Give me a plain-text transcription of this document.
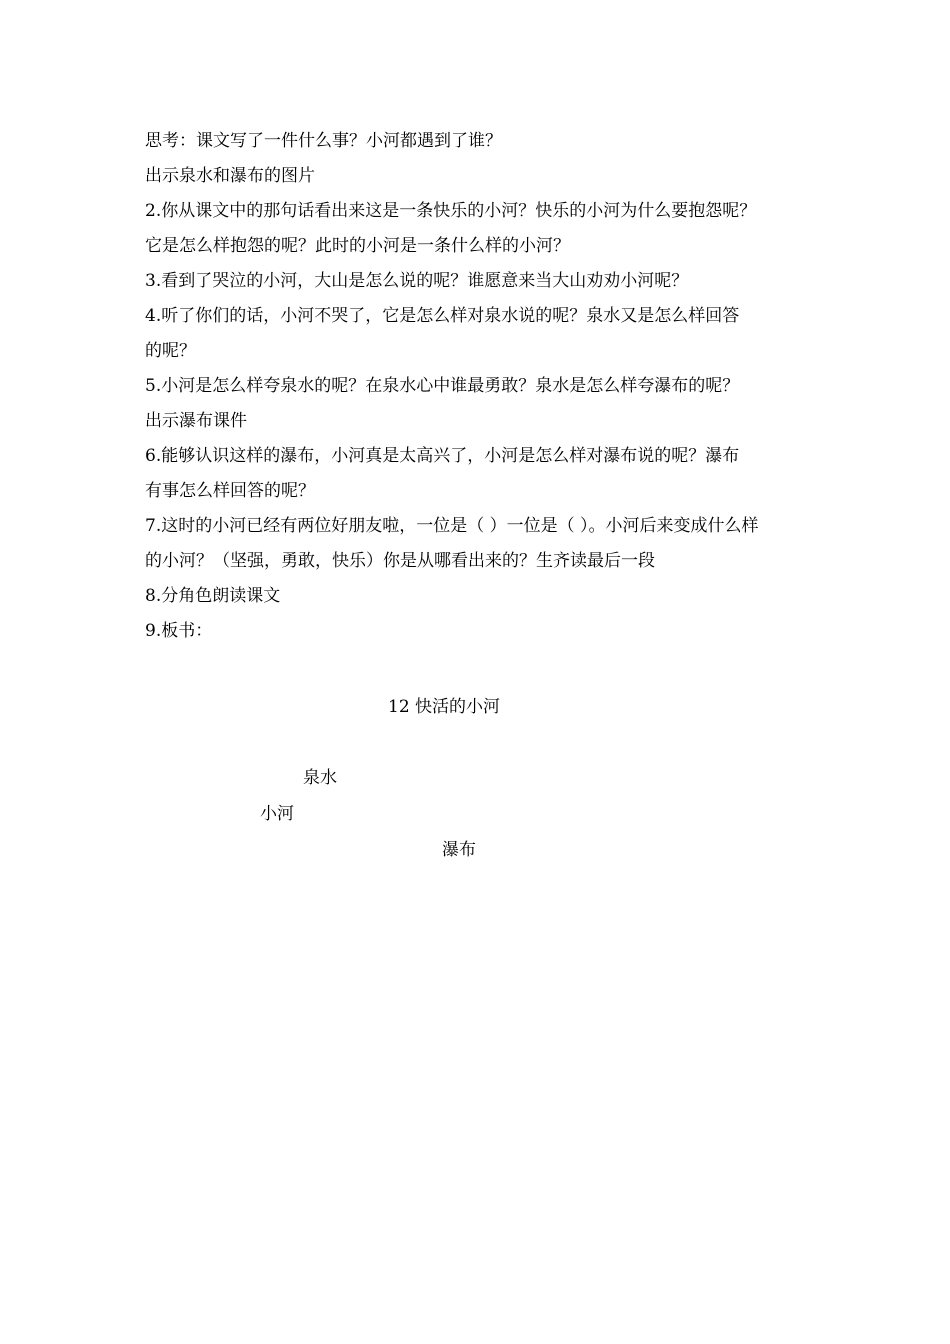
思考：课文写了一件什么事？小河都遇到了谁？
出示泉水和瀑布的图片
2.你从课文中的那句话看出来这是一条快乐的小河？快乐的小河为什么要抱怨呢？
它是怎么样抱怨的呢？此时的小河是一条什么样的小河？
3.看到了哭泣的小河，大山是怎么说的呢？谁愿意来当大山劝劝小河呢？
4.听了你们的话，小河不哭了，它是怎么样对泉水说的呢？泉水又是怎么样回答
的呢？
5.小河是怎么样夸泉水的呢？在泉水心中谁最勇敢？泉水是怎么样夸瀑布的呢？
出示瀑布课件
6.能够认识这样的瀑布，小河真是太高兴了，小河是怎么样对瀑布说的呢？瀑布
有事怎么样回答的呢？
7.这时的小河已经有两位好朋友啦，一位是（ ）一位是（ ）。小河后来变成什么样
的小河？（坚强，勇敢，快乐）你是从哪看出来的？生齐读最后一段
8.分角色朗读课文
9.板书：
12 快活的小河
泉水
小河
瀑布
